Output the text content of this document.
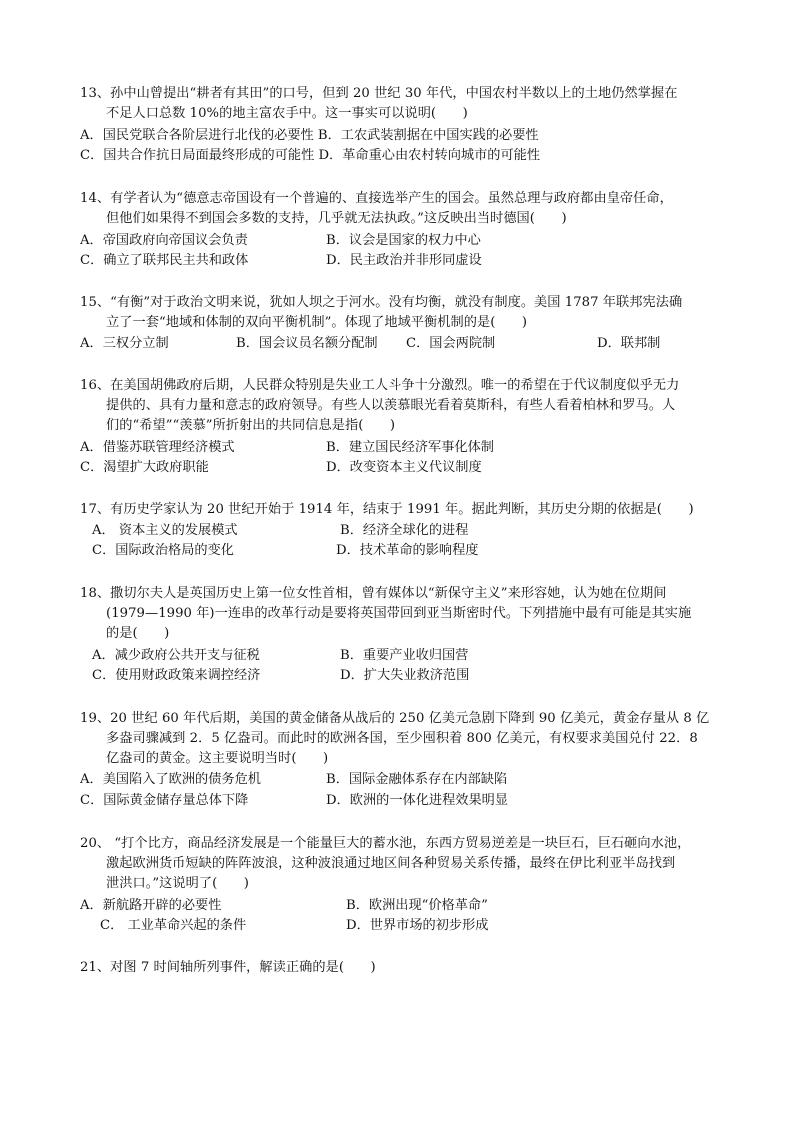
13、孙中山曾提出“耕者有其田”的口号，但到 20 世纪 30 年代，中国农村半数以上的土地仍然掌握在
不足人口总数 10%的地主富农手中。这一事实可以说明(　　)
A．国民党联合各阶层进行北伐的必要性 B．工农武装割据在中国实践的必要性
C．国共合作抗日局面最终形成的可能性 D．革命重心由农村转向城市的可能性
14、有学者认为“德意志帝国设有一个普遍的、直接选举产生的国会。虽然总理与政府都由皇帝任命，
但他们如果得不到国会多数的支持，几乎就无法执政。”这反映出当时德国(　　)
A．帝国政府向帝国议会负责	B．议会是国家的权力中心
C．确立了联邦民主共和政体	D．民主政治并非形同虚设
15、“有衡”对于政治文明来说，犹如人坝之于河水。没有均衡，就没有制度。美国 1787 年联邦宪法确
立了一套“地域和体制的双向平衡机制”。体现了地域平衡机制的是(　　)
A．三权分立制	B．国会议员名额分配制 C．国会两院制	D．联邦制
16、在美国胡佛政府后期，人民群众特别是失业工人斗争十分激烈。唯一的希望在于代议制度似乎无力
提供的、具有力量和意志的政府领导。有些人以羡慕眼光看着莫斯科，有些人看着柏林和罗马。人
们的“希望”“羡慕”所折射出的共同信息是指(　　)
A．借鉴苏联管理经济模式	B．建立国民经济军事化体制
C．渴望扩大政府职能	D．改变资本主义代议制度
17、有历史学家认为 20 世纪开始于 1914 年，结束于 1991 年。据此判断，其历史分期的依据是(　　)
A． 资本主义的发展模式	B．经济全球化的进程
C．国际政治格局的变化	D．技术革命的影响程度
18、撒切尔夫人是英国历史上第一位女性首相，曾有媒体以“新保守主义”来形容她，认为她在位期间
(1979—1990 年)一连串的改革行动是要将英国带回到亚当斯密时代。下列措施中最有可能是其实施
的是(　　)
A．减少政府公共开支与征税	B．重要产业收归国营
C．使用财政政策来调控经济	D．扩大失业救济范围
19、20 世纪 60 年代后期，美国的黄金储备从战后的 250 亿美元急剧下降到 90 亿美元，黄金存量从 8 亿
多盎司骤减到 2．5 亿盎司。而此时的欧洲各国，至少囤积着 800 亿美元，有权要求美国兑付 22．8
亿盎司的黄金。这主要说明当时(　　)
A．美国陷入了欧洲的债务危机	B．国际金融体系存在内部缺陷
C．国际黄金储存量总体下降	D．欧洲的一体化进程效果明显
20、 “打个比方，商品经济发展是一个能量巨大的蓄水池，东西方贸易逆差是一块巨石，巨石砸向水池，
激起欧洲货币短缺的阵阵波浪，这种波浪通过地区间各种贸易关系传播，最终在伊比利亚半岛找到
泄洪口。”这说明了(　　)
A．新航路开辟的必要性	B．欧洲出现“价格革命”
C． 工业革命兴起的条件	D．世界市场的初步形成
21、对图 7 时间轴所列事件，解读正确的是(　　)
